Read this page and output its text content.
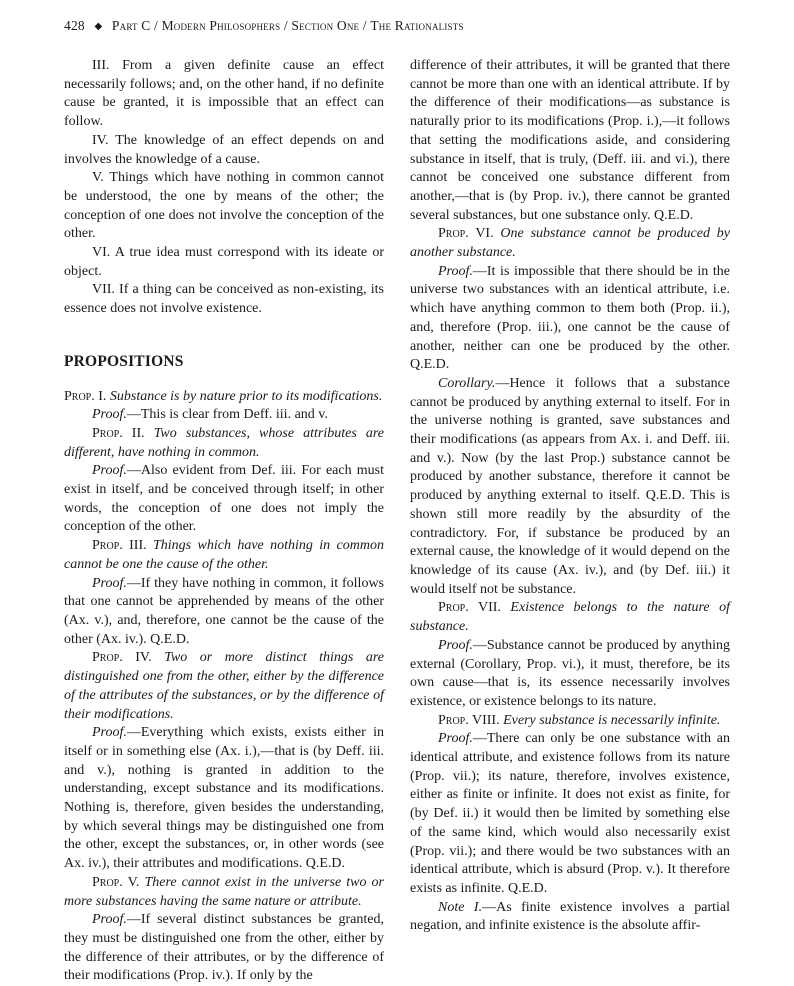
428 ◆ Part C / Modern Philosophers / Section One / The Rationalists

III. From a given definite cause an effect necessarily follows; and, on the other hand, if no definite cause be granted, it is impossible that an effect can follow.

IV. The knowledge of an effect depends on and involves the knowledge of a cause.

V. Things which have nothing in common cannot be understood, the one by means of the other; the conception of one does not involve the conception of the other.

VI. A true idea must correspond with its ideate or object.

VII. If a thing can be conceived as non-existing, its essence does not involve existence.

PROPOSITIONS

Prop. I. Substance is by nature prior to its modifications.

Proof.—This is clear from Deff. iii. and v.

Prop. II. Two substances, whose attributes are different, have nothing in common.

Proof.—Also evident from Def. iii. For each must exist in itself, and be conceived through itself; in other words, the conception of one does not imply the conception of the other.

Prop. III. Things which have nothing in common cannot be one the cause of the other.

Proof.—If they have nothing in common, it follows that one cannot be apprehended by means of the other (Ax. v.), and, therefore, one cannot be the cause of the other (Ax. iv.). Q.E.D.

Prop. IV. Two or more distinct things are distinguished one from the other, either by the difference of the attributes of the substances, or by the difference of their modifications.

Proof.—Everything which exists, exists either in itself or in something else (Ax. i.),—that is (by Deff. iii. and v.), nothing is granted in addition to the understanding, except substance and its modifications. Nothing is, therefore, given besides the understanding, by which several things may be distinguished one from the other, except the substances, or, in other words (see Ax. iv.), their attributes and modifications. Q.E.D.

Prop. V. There cannot exist in the universe two or more substances having the same nature or attribute.

Proof.—If several distinct substances be granted, they must be distinguished one from the other, either by the difference of their attributes, or by the difference of their modifications (Prop. iv.). If only by the

difference of their attributes, it will be granted that there cannot be more than one with an identical attribute. If by the difference of their modifications—as substance is naturally prior to its modifications (Prop. i.),—it follows that setting the modifications aside, and considering substance in itself, that is truly, (Deff. iii. and vi.), there cannot be conceived one substance different from another,—that is (by Prop. iv.), there cannot be granted several substances, but one substance only. Q.E.D.

Prop. VI. One substance cannot be produced by another substance.

Proof.—It is impossible that there should be in the universe two substances with an identical attribute, i.e. which have anything common to them both (Prop. ii.), and, therefore (Prop. iii.), one cannot be the cause of another, neither can one be produced by the other. Q.E.D.

Corollary.—Hence it follows that a substance cannot be produced by anything external to itself. For in the universe nothing is granted, save substances and their modifications (as appears from Ax. i. and Deff. iii. and v.). Now (by the last Prop.) substance cannot be produced by another substance, therefore it cannot be produced by anything external to itself. Q.E.D. This is shown still more readily by the absurdity of the contradictory. For, if substance be produced by an external cause, the knowledge of it would depend on the knowledge of its cause (Ax. iv.), and (by Def. iii.) it would itself not be substance.

Prop. VII. Existence belongs to the nature of substance.

Proof.—Substance cannot be produced by anything external (Corollary, Prop. vi.), it must, therefore, be its own cause—that is, its essence necessarily involves existence, or existence belongs to its nature.

Prop. VIII. Every substance is necessarily infinite.

Proof.—There can only be one substance with an identical attribute, and existence follows from its nature (Prop. vii.); its nature, therefore, involves existence, either as finite or infinite. It does not exist as finite, for (by Def. ii.) it would then be limited by something else of the same kind, which would also necessarily exist (Prop. vii.); and there would be two substances with an identical attribute, which is absurd (Prop. v.). It therefore exists as infinite. Q.E.D.

Note I.—As finite existence involves a partial negation, and infinite existence is the absolute affir-
